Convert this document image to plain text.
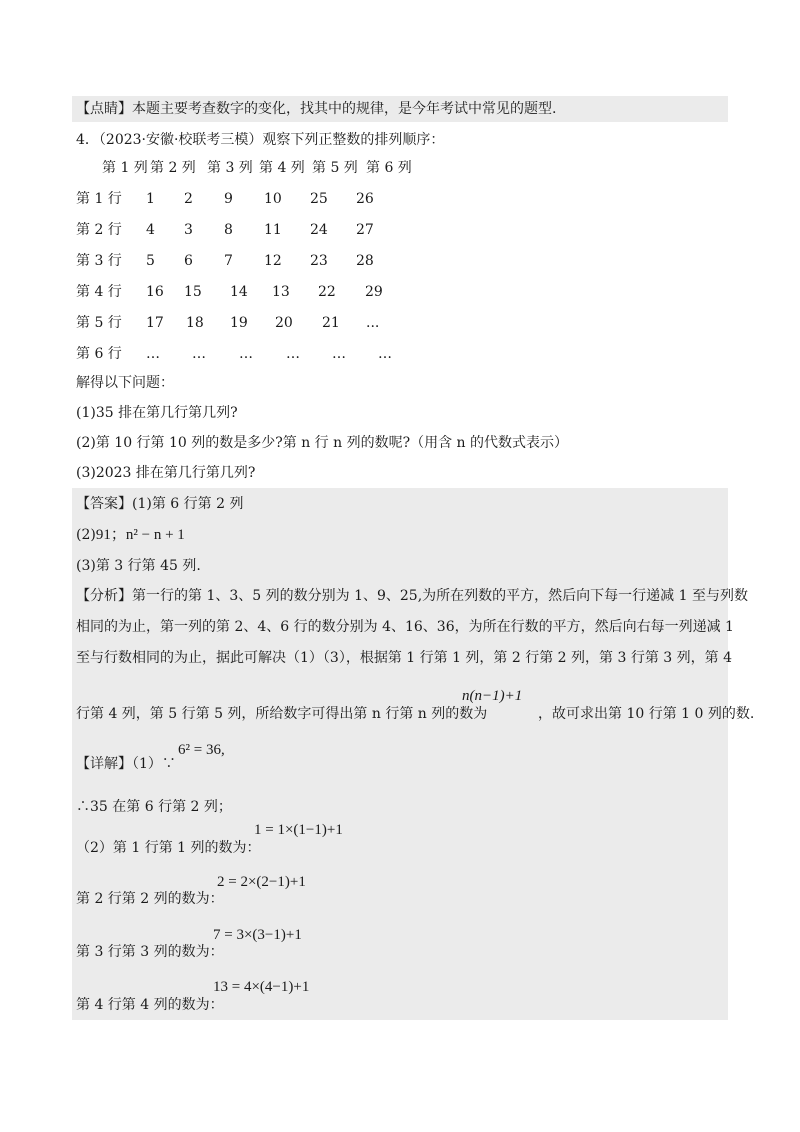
【点睛】本题主要考查数字的变化，找其中的规律，是今年考试中常见的题型.
4．（2023·安徽·校联考三模）观察下列正整数的排列顺序：
第 1 列 第 2 列 第 3 列 第 4 列 第 5 列 第 6 列
第 1 行 1 2 9 10 25 26
第 2 行 4 3 8 11 24 27
第 3 行 5 6 7 12 23 28
第 4 行 16 15 14 13 22 29
第 5 行 17 18 19 20 21 ...
第 6 行 … … … … … …
解得以下问题：
(1)35 排在第几行第几列?
(2)第 10 行第 10 列的数是多少?第 n 行 n 列的数呢?（用含 n 的代数式表示）
(3)2023 排在第几行第几列?
【答案】(1)第 6 行第 2 列
(2)91；n² − n + 1
(3)第 3 行第 45 列.
【分析】第一行的第 1、3、5 列的数分别为 1、9、25,为所在列数的平方，然后向下每一行递减 1 至与列数
相同的为止，第一列的第 2、4、6 行的数分别为 4、16、36，为所在行数的平方，然后向右每一列递减 1
至与行数相同的为止，据此可解决（1）（3），根据第 1 行第 1 列，第 2 行第 2 列，第 3 行第 3 列，第 4
行第 4 列，第 5 行第 5 列，所给数字可得出第 n 行第 n 列的数为
n(n−1)+1
，故可求出第 10 行第 1 0 列的数.
【详解】（1）∵
6² = 36,
∴35 在第 6 行第 2 列；
（2）第 1 行第 1 列的数为：
1 = 1×(1−1)+1
第 2 行第 2 列的数为：
2 = 2×(2−1)+1
第 3 行第 3 列的数为：
7 = 3×(3−1)+1
第 4 行第 4 列的数为：
13 = 4×(4−1)+1
